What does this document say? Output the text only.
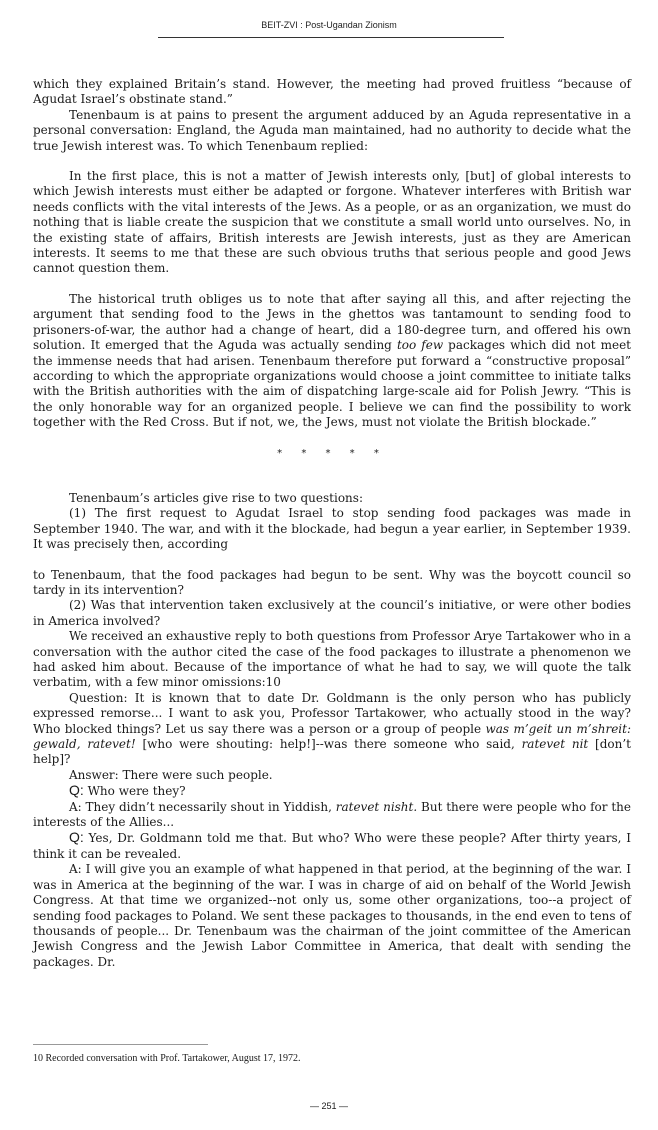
BEIT-ZVI : Post-Ugandan Zionism

which they explained Britain’s stand. However, the meeting had proved fruitless “because of Agudat Israel’s obstinate stand.”

Tenenbaum is at pains to present the argument adduced by an Aguda representative in a personal conversation: England, the Aguda man maintained, had no authority to decide what the true Jewish interest was. To which Tenenbaum replied:

In the first place, this is not a matter of Jewish interests only, [but] of global interests to which Jewish interests must either be adapted or forgone. Whatever interferes with British war needs conflicts with the vital interests of the Jews. As a people, or as an organization, we must do nothing that is liable create the suspicion that we constitute a small world unto ourselves. No, in the existing state of affairs, British interests are Jewish interests, just as they are American interests. It seems to me that these are such obvious truths that serious people and good Jews cannot question them.

The historical truth obliges us to note that after saying all this, and after rejecting the argument that sending food to the Jews in the ghettos was tantamount to sending food to prisoners-of-war, the author had a change of heart, did a 180-degree turn, and offered his own solution. It emerged that the Aguda was actually sending too few packages which did not meet the immense needs that had arisen. Tenenbaum therefore put forward a “constructive proposal” according to which the appropriate organizations would choose a joint committee to initiate talks with the British authorities with the aim of dispatching large-scale aid for Polish Jewry. “This is the only honorable way for an organized people. I believe we can find the possibility to work together with the Red Cross. But if not, we, the Jews, must not violate the British blockade.”

* * * * *

Tenenbaum’s articles give rise to two questions:

(1) The first request to Agudat Israel to stop sending food packages was made in September 1940. The war, and with it the blockade, had begun a year earlier, in September 1939. It was precisely then, according

to Tenenbaum, that the food packages had begun to be sent. Why was the boycott council so tardy in its intervention?

(2) Was that intervention taken exclusively at the council’s initiative, or were other bodies in America involved?

We received an exhaustive reply to both questions from Professor Arye Tartakower who in a conversation with the author cited the case of the food packages to illustrate a phenomenon we had asked him about. Because of the importance of what he had to say, we will quote the talk verbatim, with a few minor omissions:10

Question: It is known that to date Dr. Goldmann is the only person who has publicly expressed remorse... I want to ask you, Professor Tartakower, who actually stood in the way? Who blocked things? Let us say there was a person or a group of people was m’geit un m’shreit: gewald, ratevet! [who were shouting: help!]--was there someone who said, ratevet nit [don’t help]?

Answer: There were such people.

Q: Who were they?

A: They didn’t necessarily shout in Yiddish, ratevet nisht. But there were people who for the interests of the Allies...

Q: Yes, Dr. Goldmann told me that. But who? Who were these people? After thirty years, I think it can be revealed.

A: I will give you an example of what happened in that period, at the beginning of the war. I was in America at the beginning of the war. I was in charge of aid on behalf of the World Jewish Congress. At that time we organized--not only us, some other organizations, too--a project of sending food packages to Poland. We sent these packages to thousands, in the end even to tens of thousands of people... Dr. Tenenbaum was the chairman of the joint committee of the American Jewish Congress and the Jewish Labor Committee in America, that dealt with sending the packages. Dr.

10 Recorded conversation with Prof. Tartakower, August 17, 1972.
— 251 —
